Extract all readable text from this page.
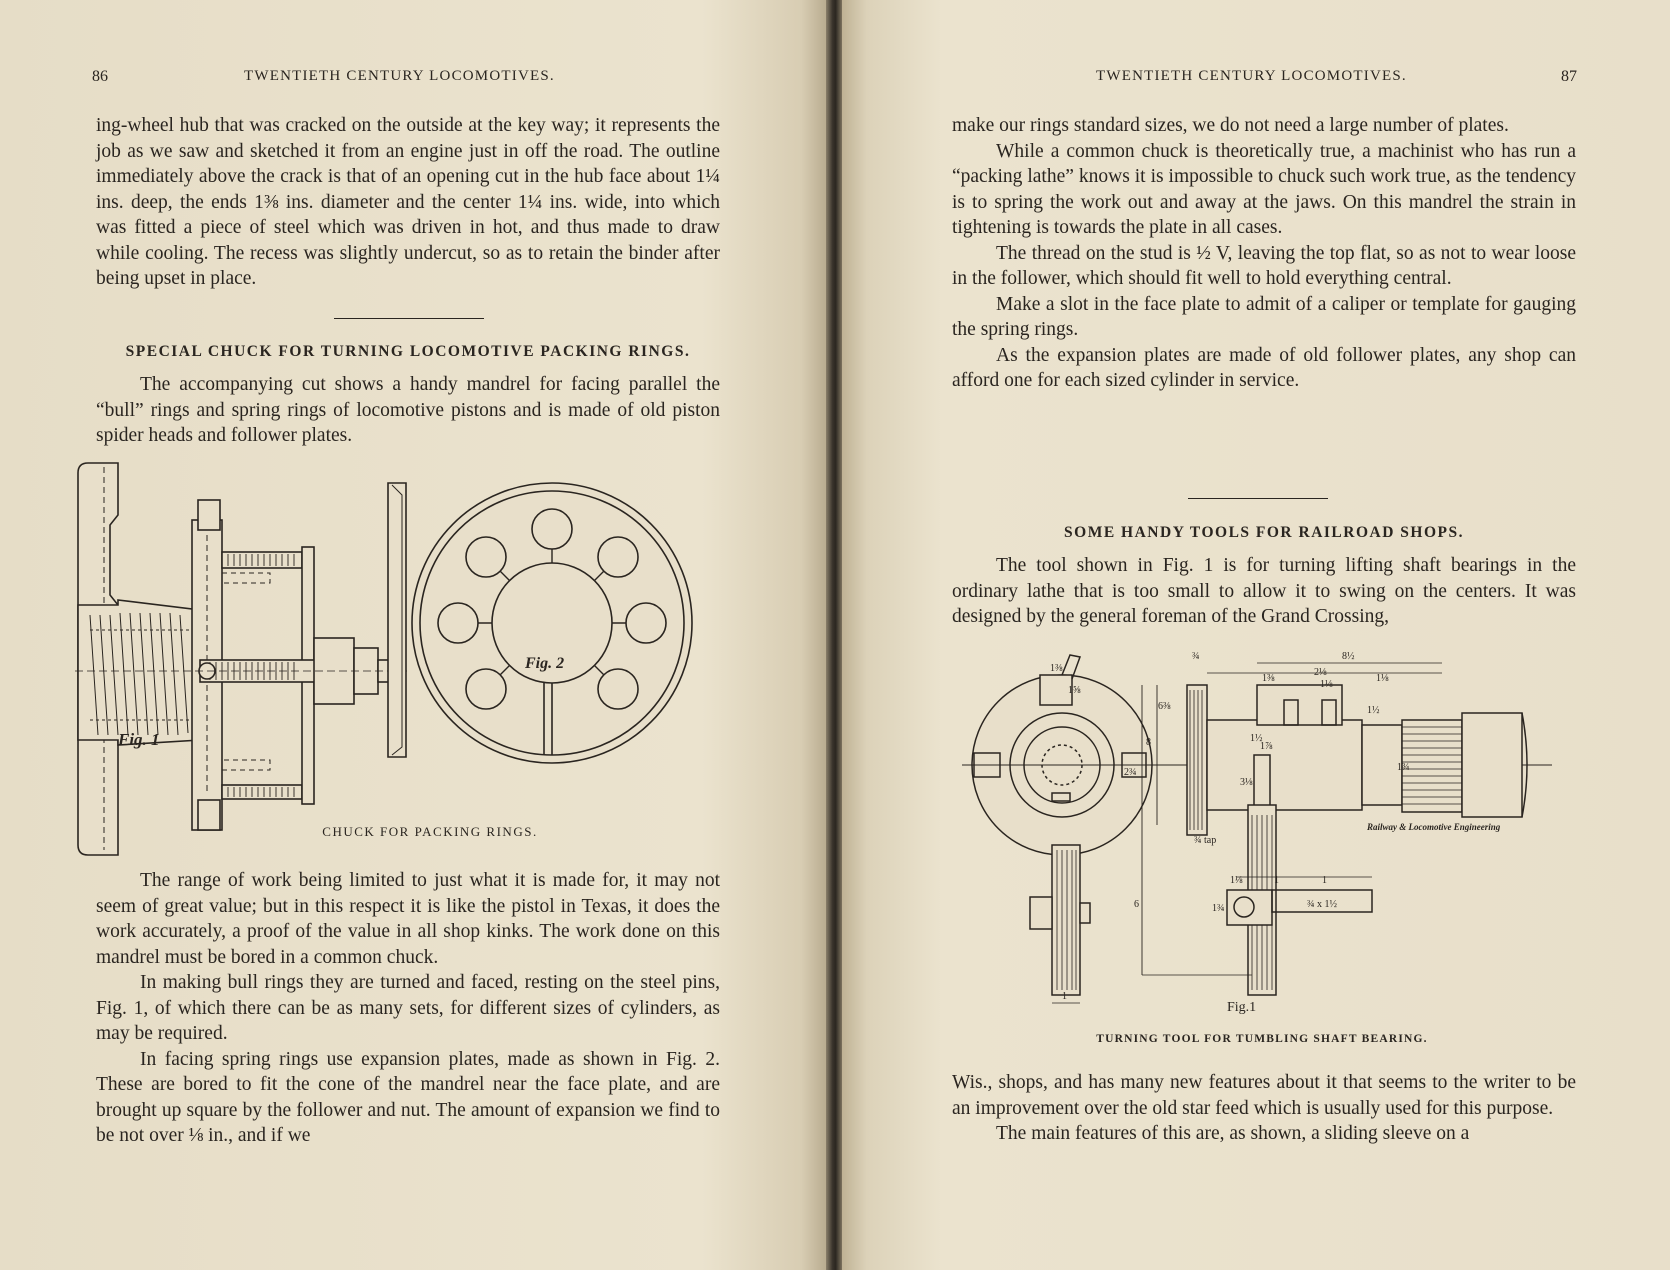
86	TWENTIETH CENTURY LOCOMOTIVES.

ing-wheel hub that was cracked on the outside at the key way; it represents the job as we saw and sketched it from an engine just in off the road. The outline immediately above the crack is that of an opening cut in the hub face about 1¼ ins. deep, the ends 1⅜ ins. diameter and the center 1¼ ins. wide, into which was fitted a piece of steel which was driven in hot, and thus made to draw while cooling. The recess was slightly undercut, so as to retain the binder after being upset in place.

SPECIAL CHUCK FOR TURNING LOCOMOTIVE PACKING RINGS.

The accompanying cut shows a handy mandrel for facing parallel the “bull” rings and spring rings of locomotive pistons and is made of old piston spider heads and follower plates.

Fig. 1
Fig. 2
CHUCK FOR PACKING RINGS.

The range of work being limited to just what it is made for, it may not seem of great value; but in this respect it is like the pistol in Texas, it does the work accurately, a proof of the value in all shop kinks. The work done on this mandrel must be bored in a common chuck.

In making bull rings they are turned and faced, resting on the steel pins, Fig. 1, of which there can be as many sets, for different sizes of cylinders, as may be required.

In facing spring rings use expansion plates, made as shown in Fig. 2. These are bored to fit the cone of the mandrel near the face plate, and are brought up square by the follower and nut. The amount of expansion we find to be not over ⅛ in., and if we

TWENTIETH CENTURY LOCOMOTIVES.	87

make our rings standard sizes, we do not need a large number of plates.

While a common chuck is theoretically true, a machinist who has run a “packing lathe” knows it is impossible to chuck such work true, as the tendency is to spring the work out and away at the jaws. On this mandrel the strain in tightening is towards the plate in all cases.

The thread on the stud is ½ V, leaving the top flat, so as not to wear loose in the follower, which should fit well to hold everything central.

Make a slot in the face plate to admit of a caliper or template for gauging the spring rings.

As the expansion plates are made of old follower plates, any shop can afford one for each sized cylinder in service.

SOME HANDY TOOLS FOR RAILROAD SHOPS.

The tool shown in Fig. 1 is for turning lifting shaft bearings in the ordinary lathe that is too small to allow it to swing on the centers. It was designed by the general foreman of the Grand Crossing,

¾
1⅜
8½
1⅜
2⅛
1⅛
1⅛
1½
6⅜
8
2¾
3⅛
1½
1¾
1⅞
1⅝
1⅛	1	1
¾ x 1½
1¾
6
1
¾ tap
Railway & Locomotive Engineering
Fig.1
TURNING TOOL FOR TUMBLING SHAFT BEARING.

Wis., shops, and has many new features about it that seems to the writer to be an improvement over the old star feed which is usually used for this purpose.

The main features of this are, as shown, a sliding sleeve on a
